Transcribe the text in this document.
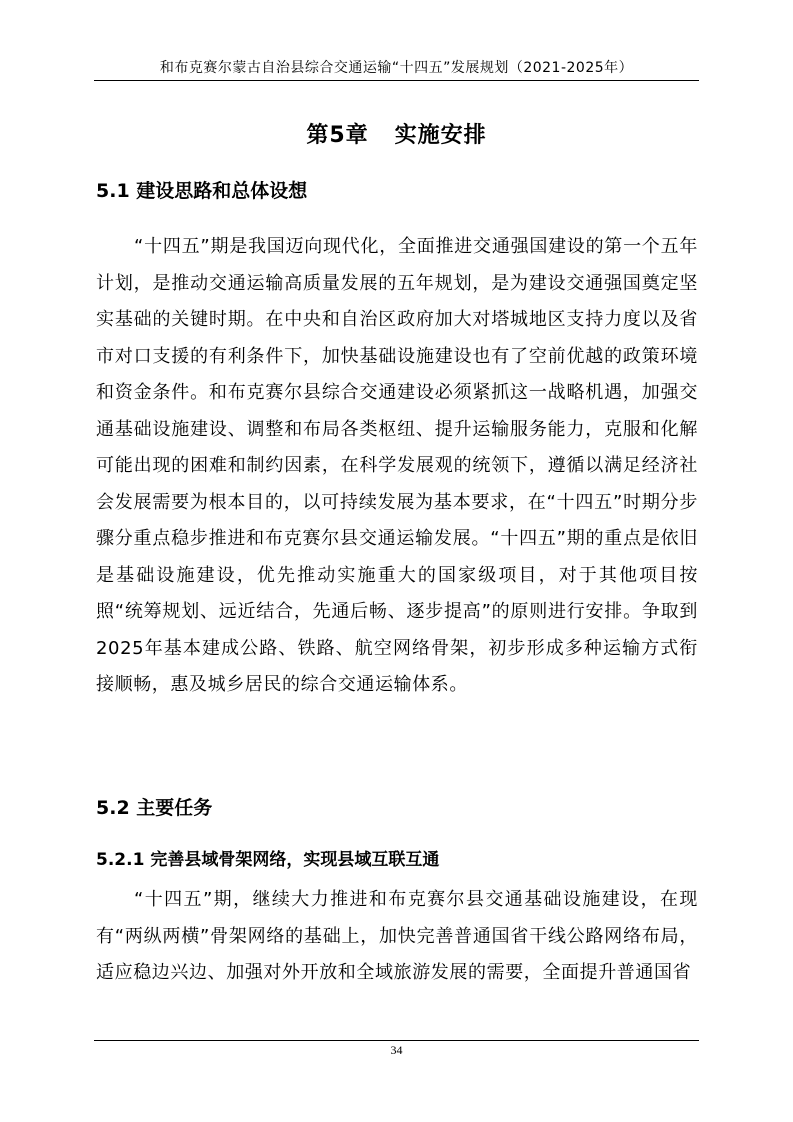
和布克赛尔蒙古自治县综合交通运输“十四五”发展规划（2021-2025年）
第5章   实施安排
5.1 建设思路和总体设想

“十四五”期是我国迈向现代化，全面推进交通强国建设的第一个五年计划，是推动交通运输高质量发展的五年规划，是为建设交通强国奠定坚实基础的关键时期。在中央和自治区政府加大对塔城地区支持力度以及省市对口支援的有利条件下，加快基础设施建设也有了空前优越的政策环境和资金条件。和布克赛尔县综合交通建设必须紧抓这一战略机遇，加强交通基础设施建设、调整和布局各类枢纽、提升运输服务能力，克服和化解可能出现的困难和制约因素，在科学发展观的统领下，遵循以满足经济社会发展需要为根本目的，以可持续发展为基本要求，在“十四五”时期分步骤分重点稳步推进和布克赛尔县交通运输发展。“十四五”期的重点是依旧是基础设施建设，优先推动实施重大的国家级项目，对于其他项目按照“统筹规划、远近结合，先通后畅、逐步提高”的原则进行安排。争取到2025年基本建成公路、铁路、航空网络骨架，初步形成多种运输方式衔接顺畅，惠及城乡居民的综合交通运输体系。

5.2 主要任务
5.2.1 完善县域骨架网络，实现县域互联互通

“十四五”期，继续大力推进和布克赛尔县交通基础设施建设，在现有“两纵两横”骨架网络的基础上，加快完善普通国省干线公路网络布局，适应稳边兴边、加强对外开放和全域旅游发展的需要，全面提升普通国省

34
